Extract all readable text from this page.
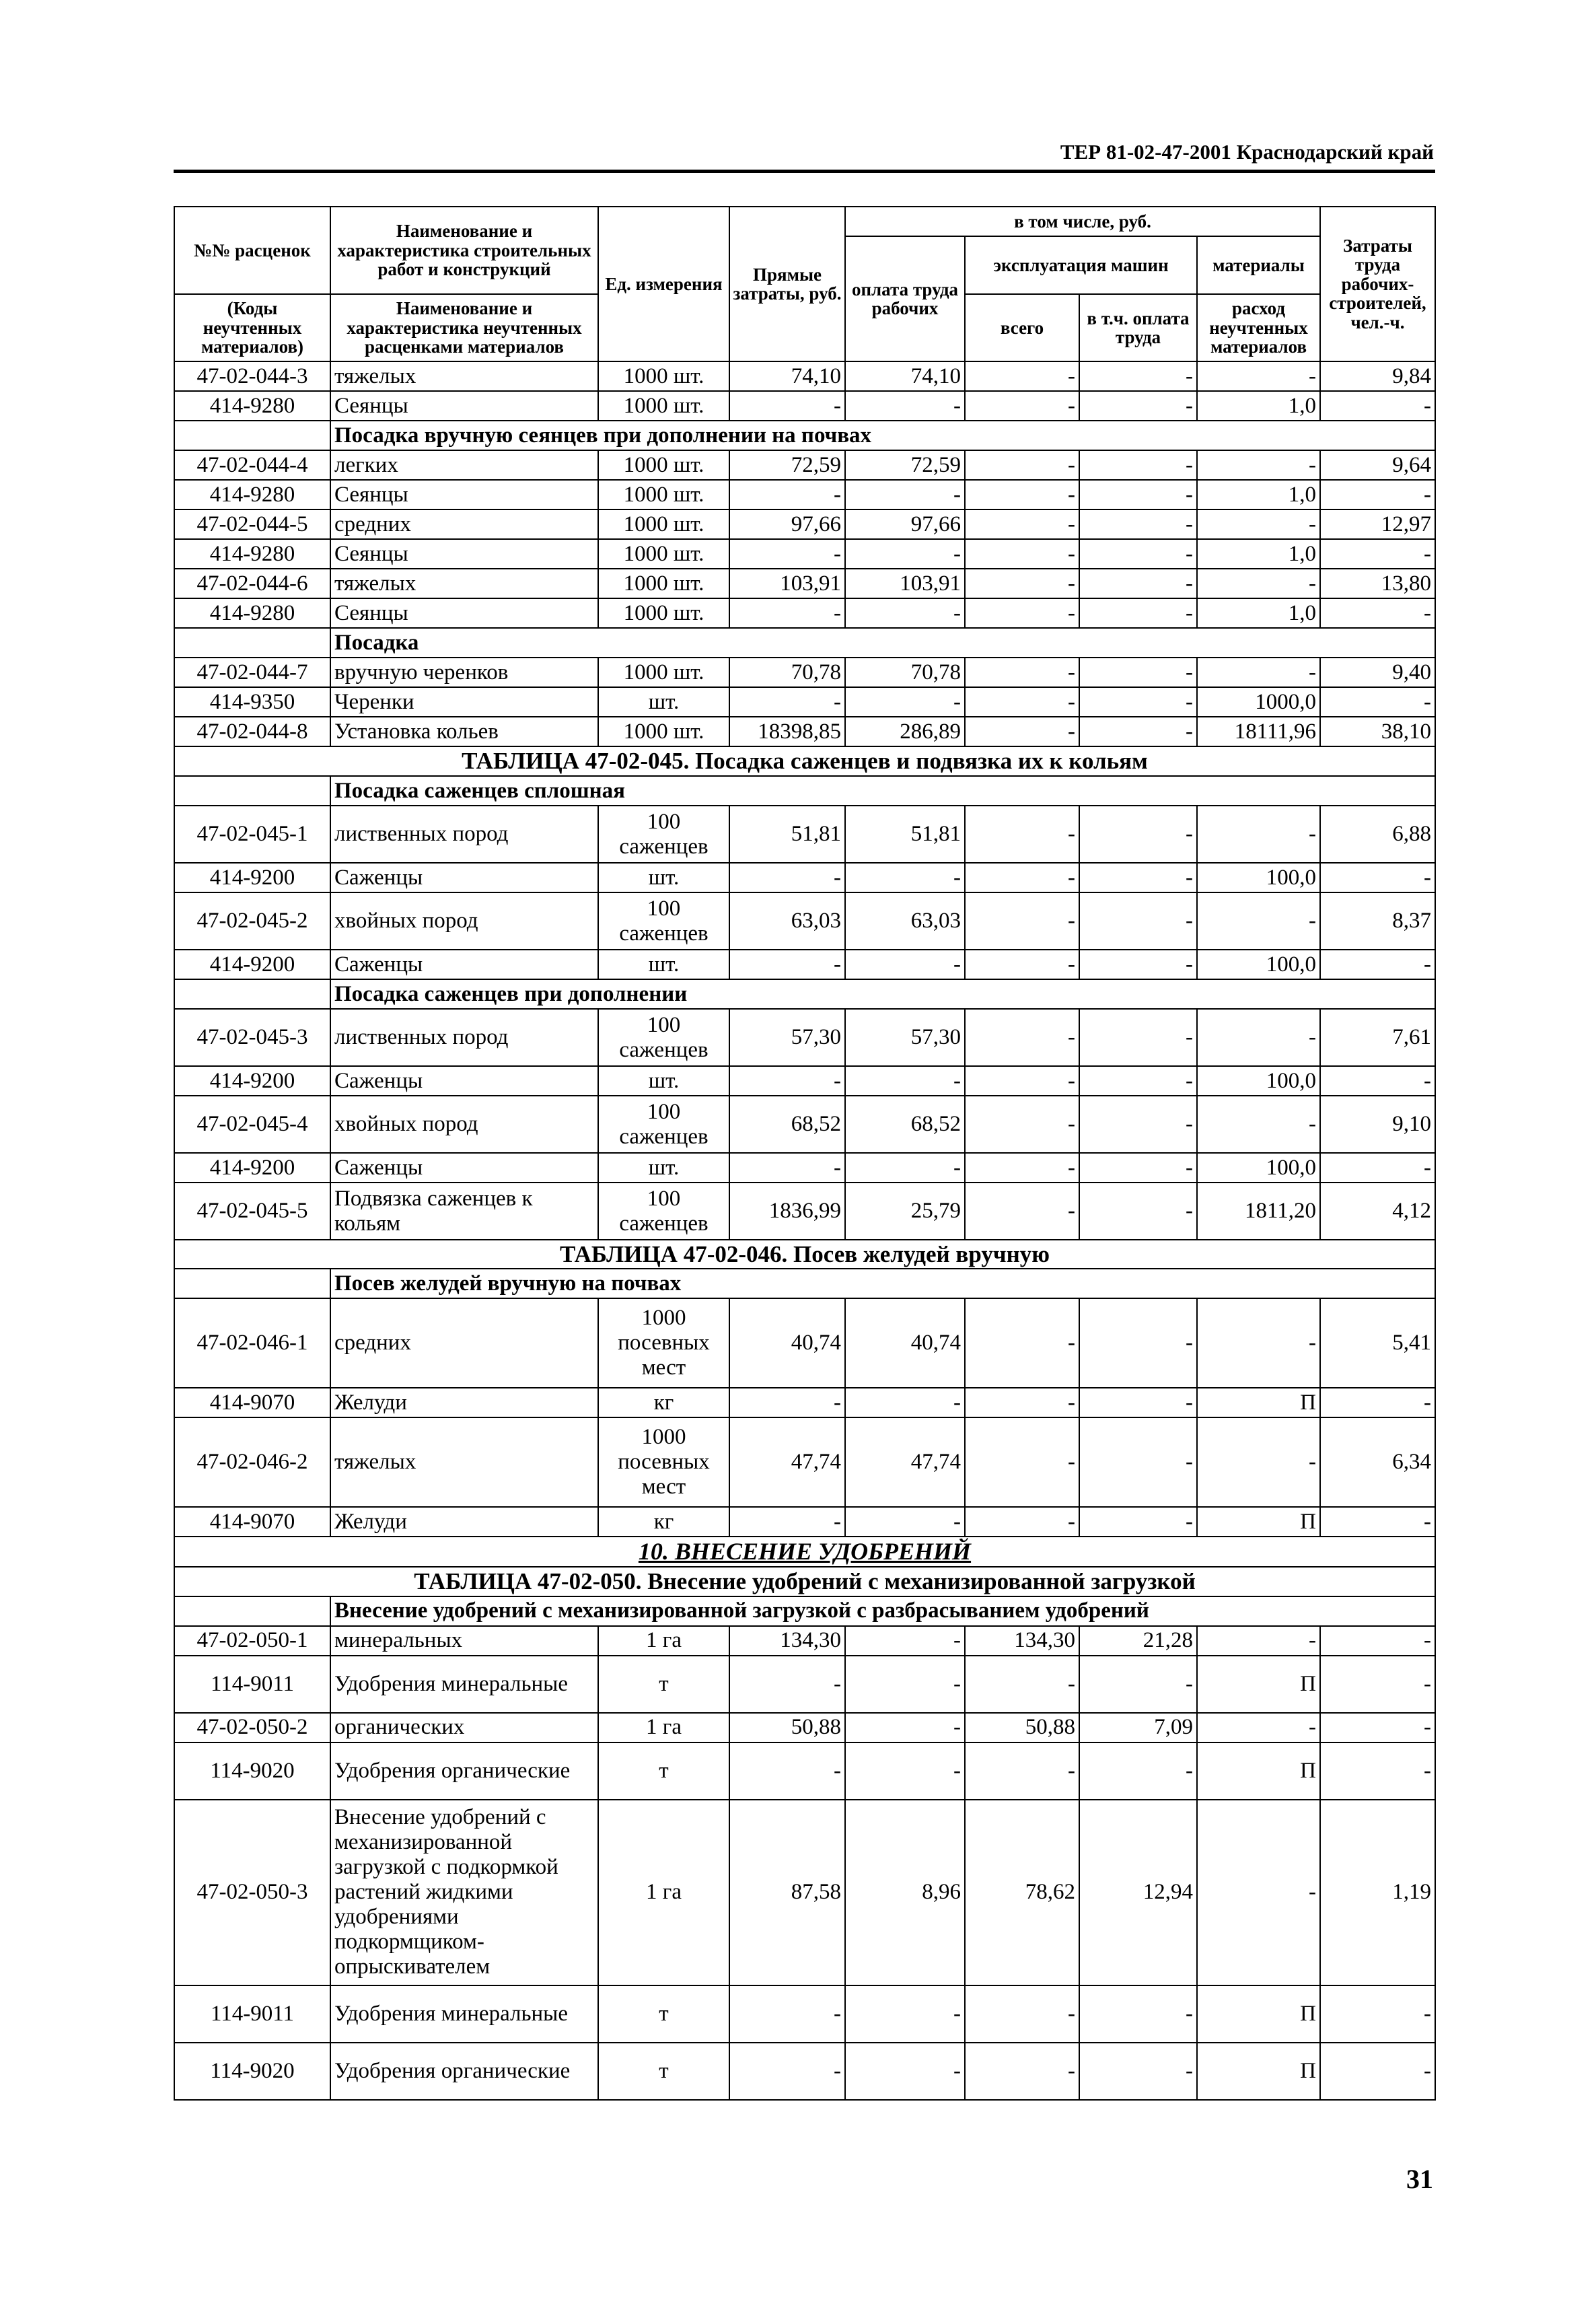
ТЕР 81-02-47-2001 Краснодарский край
№№ расценок	Наименование и характеристика строительных работ и конструкций	Ед. измерения	Прямые затраты, руб.	в том числе, руб.				Затраты труда рабочих-строителей, чел.-ч.
				оплата труда рабочих	эксплуатация машин		материалы	
(Коды неучтенных материалов)	Наименование и характеристика неучтенных расценками материалов				всего	в т.ч. оплата труда	расход неучтенных материалов	

47-02-044-3	тяжелых	1000 шт.	74,10	74,10	-	-	-	9,84
414-9280	Сеянцы	1000 шт.	-	-	-	-	1,0	-
	Посадка вручную сеянцев при дополнении на почвах							
47-02-044-4	легких	1000 шт.	72,59	72,59	-	-	-	9,64
414-9280	Сеянцы	1000 шт.	-	-	-	-	1,0	-
47-02-044-5	средних	1000 шт.	97,66	97,66	-	-	-	12,97
414-9280	Сеянцы	1000 шт.	-	-	-	-	1,0	-
47-02-044-6	тяжелых	1000 шт.	103,91	103,91	-	-	-	13,80
414-9280	Сеянцы	1000 шт.	-	-	-	-	1,0	-
	Посадка							
47-02-044-7	вручную черенков	1000 шт.	70,78	70,78	-	-	-	9,40
414-9350	Черенки	шт.	-	-	-	-	1000,0	-
47-02-044-8	Установка кольев	1000 шт.	18398,85	286,89	-	-	18111,96	38,10
ТАБЛИЦА 47-02-045. Посадка саженцев и подвязка их к кольям								
	Посадка саженцев сплошная							
47-02-045-1	лиственных пород	100 саженцев	51,81	51,81	-	-	-	6,88
414-9200	Саженцы	шт.	-	-	-	-	100,0	-
47-02-045-2	хвойных пород	100 саженцев	63,03	63,03	-	-	-	8,37
414-9200	Саженцы	шт.	-	-	-	-	100,0	-
	Посадка саженцев при дополнении							
47-02-045-3	лиственных пород	100 саженцев	57,30	57,30	-	-	-	7,61
414-9200	Саженцы	шт.	-	-	-	-	100,0	-
47-02-045-4	хвойных пород	100 саженцев	68,52	68,52	-	-	-	9,10
414-9200	Саженцы	шт.	-	-	-	-	100,0	-
47-02-045-5	Подвязка саженцев к кольям	100 саженцев	1836,99	25,79	-	-	1811,20	4,12
ТАБЛИЦА 47-02-046. Посев желудей вручную								
	Посев желудей вручную на почвах							
47-02-046-1	средних	1000 посевных мест	40,74	40,74	-	-	-	5,41
414-9070	Желуди	кг	-	-	-	-	П	-
47-02-046-2	тяжелых	1000 посевных мест	47,74	47,74	-	-	-	6,34
414-9070	Желуди	кг	-	-	-	-	П	-
10. ВНЕСЕНИЕ УДОБРЕНИЙ								
ТАБЛИЦА 47-02-050. Внесение удобрений с механизированной загрузкой								
	Внесение удобрений с механизированной загрузкой с разбрасыванием удобрений							
47-02-050-1	минеральных	1 га	134,30	-	134,30	21,28	-	-
114-9011	Удобрения минеральные	т	-	-	-	-	П	-
47-02-050-2	органических	1 га	50,88	-	50,88	7,09	-	-
114-9020	Удобрения органические	т	-	-	-	-	П	-
47-02-050-3	Внесение удобрений с механизированной загрузкой с подкормкой растений жидкими удобрениями подкормщиком-опрыскивателем	1 га	87,58	8,96	78,62	12,94	-	1,19
114-9011	Удобрения минеральные	т	-	-	-	-	П	-
114-9020	Удобрения органические	т	-	-	-	-	П	-
31
